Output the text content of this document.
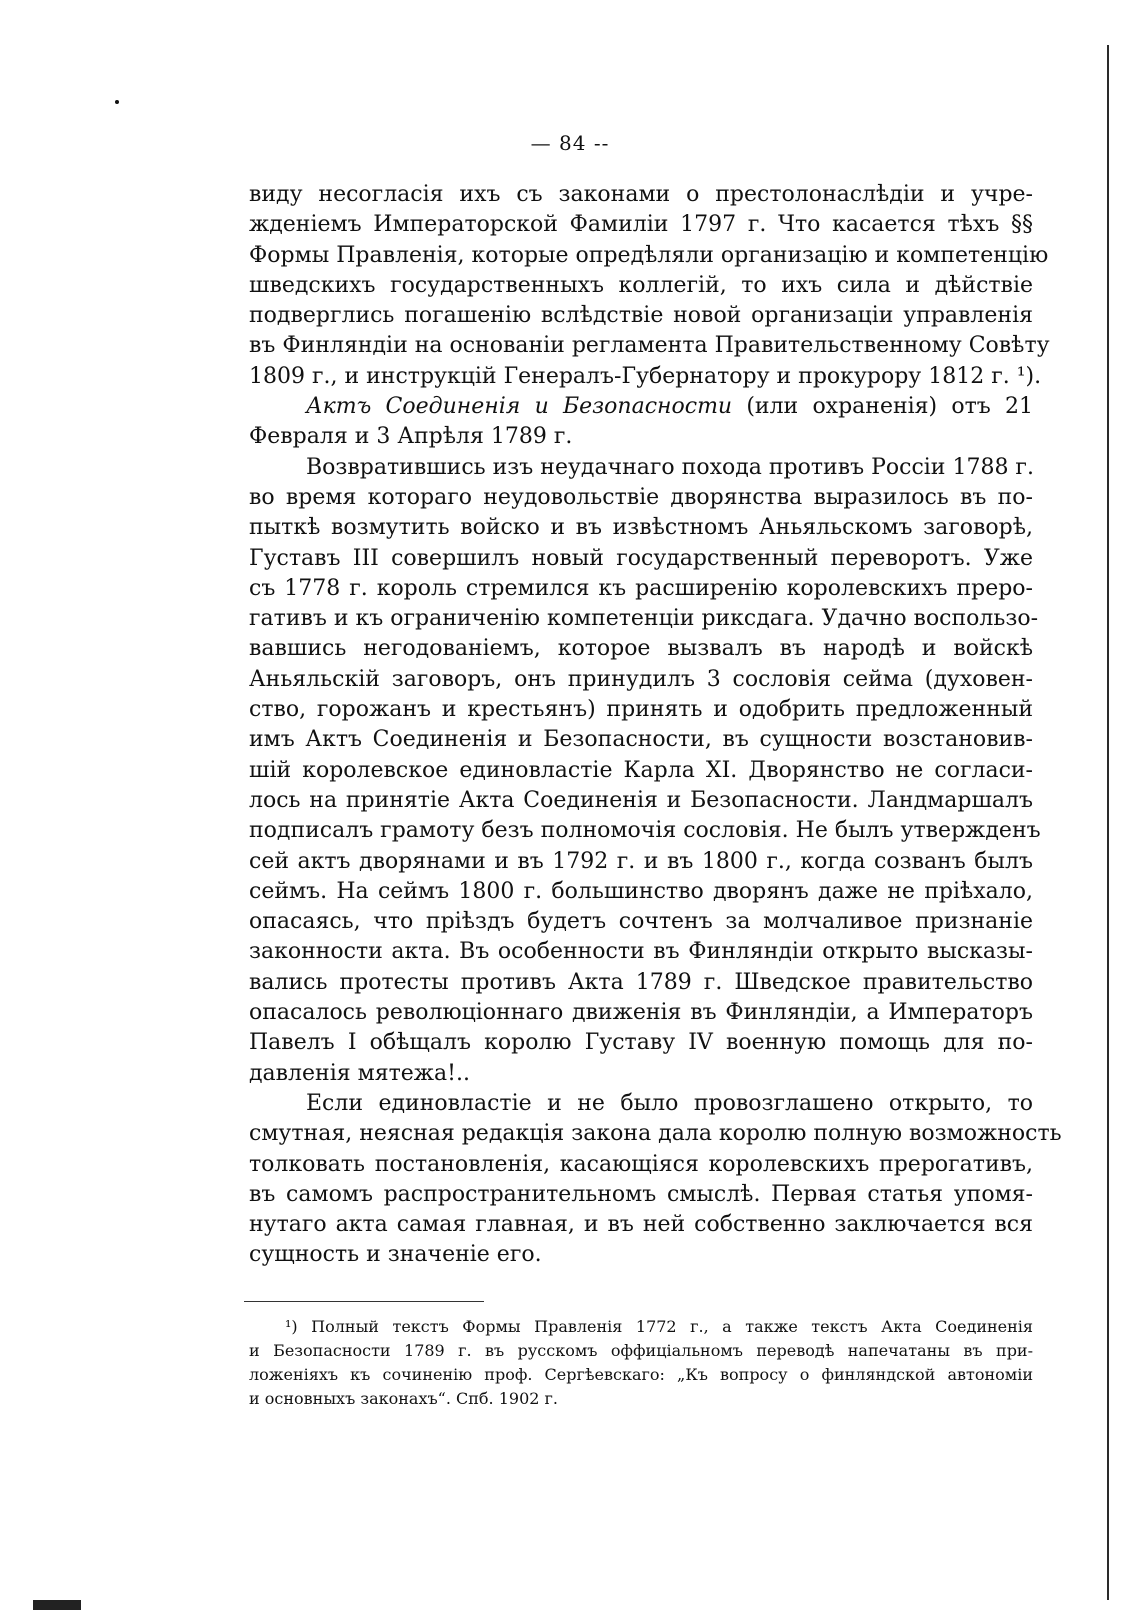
— 84 --
виду несогласія ихъ съ законами о престолонаслѣдіи и учре-
жденіемъ Императорской Фамиліи 1797 г. Что касается тѣхъ §§
Формы Правленія, которые опредѣляли организацію и компетенцію
шведскихъ государственныхъ коллегій, то ихъ сила и дѣйствіе
подверглись погашенію вслѣдствіе новой организаціи управленія
въ Финляндіи на основаніи регламента Правительственному Совѣту
1809 г., и инструкцій Генералъ-Губернатору и прокурору 1812 г. ¹).
Актъ Соединенія и Безопасности (или охраненія) отъ 21
Февраля и 3 Апрѣля 1789 г.
Возвратившись изъ неудачнаго похода противъ Россіи 1788 г.
во время котораго неудовольствіе дворянства выразилось въ по-
пыткѣ возмутить войско и въ извѣстномъ Аньяльскомъ заговорѣ,
Густавъ III совершилъ новый государственный переворотъ. Уже
съ 1778 г. король стремился къ расширенію королевскихъ преро-
гативъ и къ ограниченію компетенціи риксдага. Удачно воспользо-
вавшись негодованіемъ, которое вызвалъ въ народѣ и войскѣ
Аньяльскій заговоръ, онъ принудилъ 3 сословія сейма (духовен-
ство, горожанъ и крестьянъ) принять и одобрить предложенный
имъ Актъ Соединенія и Безопасности, въ сущности возстановив-
шій королевское единовластіе Карла XI. Дворянство не согласи-
лось на принятіе Акта Соединенія и Безопасности. Ландмаршалъ
подписалъ грамоту безъ полномочія сословія. Не былъ утвержденъ
сей актъ дворянами и въ 1792 г. и въ 1800 г., когда созванъ былъ
сеймъ. На сеймъ 1800 г. большинство дворянъ даже не пріѣхало,
опасаясь, что пріѣздъ будетъ сочтенъ за молчаливое признаніе
законности акта. Въ особенности въ Финляндіи открыто высказы-
вались протесты противъ Акта 1789 г. Шведское правительство
опасалось революціоннаго движенія въ Финляндіи, а Императоръ
Павелъ I обѣщалъ королю Густаву IV военную помощь для по-
давленія мятежа!..
Если единовластіе и не было провозглашено открыто, то
смутная, неясная редакція закона дала королю полную возможность
толковать постановленія, касающіяся королевскихъ прерогативъ,
въ самомъ распространительномъ смыслѣ. Первая статья упомя-
нутаго акта самая главная, и въ ней собственно заключается вся
сущность и значеніе его.
¹) Полный текстъ Формы Правленія 1772 г., а также текстъ Акта Соединенія
и Безопасности 1789 г. въ русскомъ оффиціальномъ переводѣ напечатаны въ при-
ложеніяхъ къ сочиненію проф. Сергѣевскаго: „Къ вопросу о финляндской автономіи
и основныхъ законахъ“. Спб. 1902 г.
